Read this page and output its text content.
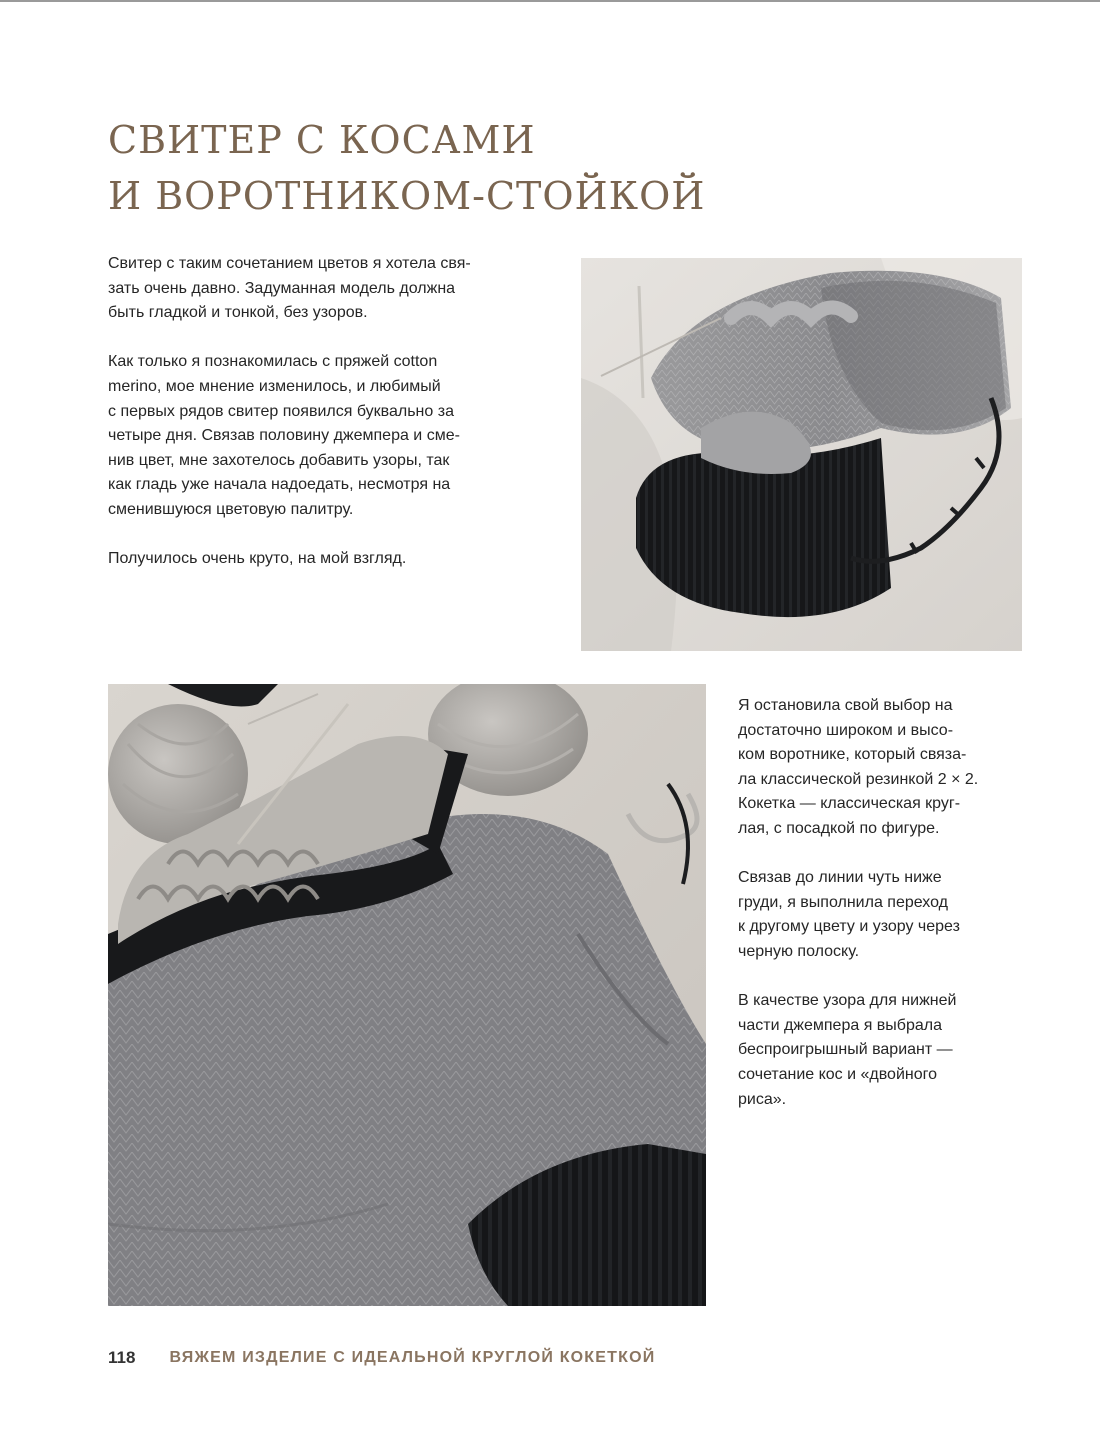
СВИТЕР С КОСАМИ
И ВОРОТНИКОМ-СТОЙКОЙ

Свитер с таким сочетанием цветов я хотела свя-
зать очень давно. Задуманная модель должна
быть гладкой и тонкой, без узоров.

Как только я познакомилась с пряжей cotton
merino, мое мнение изменилось, и любимый
с первых рядов свитер появился буквально за
четыре дня. Связав половину джемпера и сме-
нив цвет, мне захотелось добавить узоры, так
как гладь уже начала надоедать, несмотря на
сменившуюся цветовую палитру.

Получилось очень круто, на мой взгляд.

Я остановила свой выбор на
достаточно широком и высо-
ком воротнике, который связа-
ла классической резинкой 2 × 2.
Кокетка — классическая круг-
лая, с посадкой по фигуре.

Связав до линии чуть ниже
груди, я выполнила переход
к другому цвету и узору через
черную полоску.

В качестве узора для нижней
части джемпера я выбрала
беспроигрышный вариант —
сочетание кос и «двойного
риса».

118 ВЯЖЕМ ИЗДЕЛИЕ С ИДЕАЛЬНОЙ КРУГЛОЙ КОКЕТКОЙ
